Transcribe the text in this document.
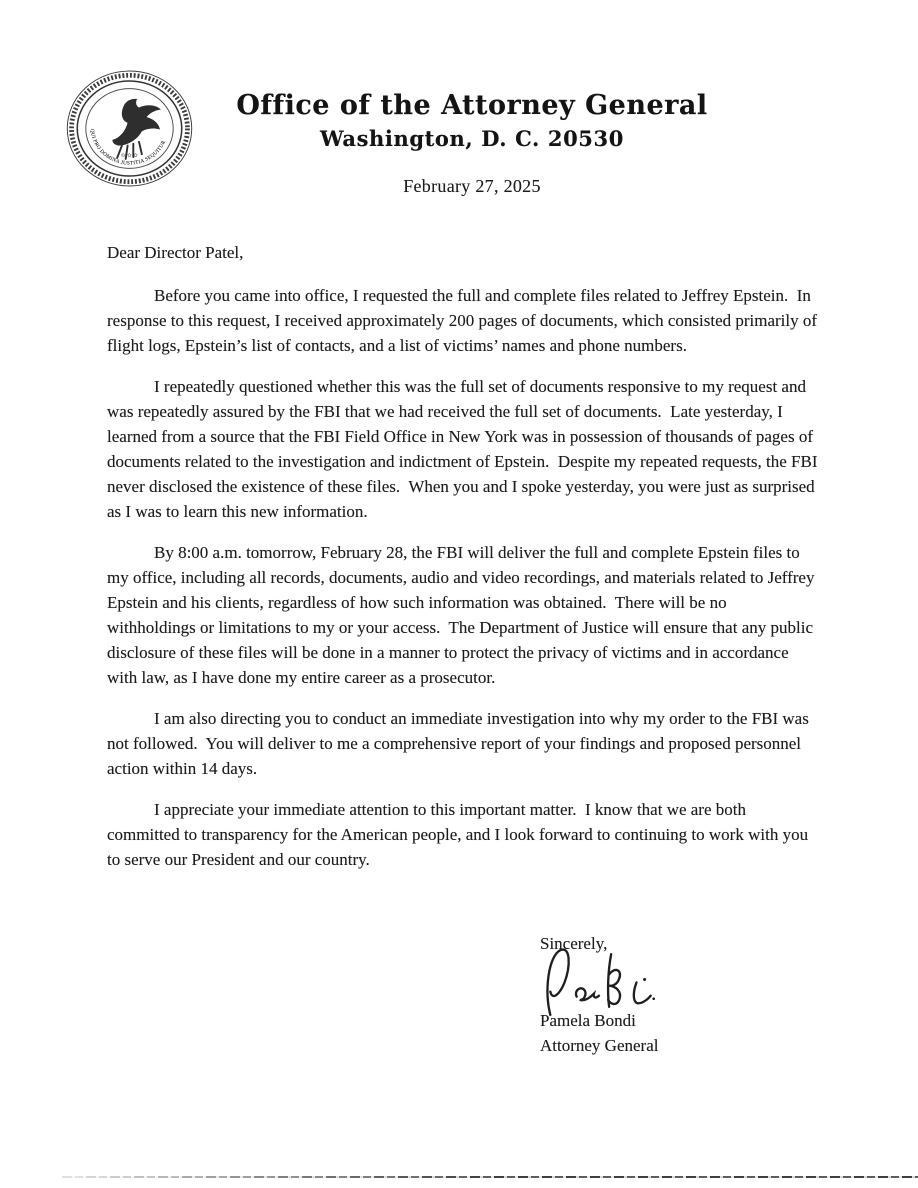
QUI PRO DOMINA JUSTITIA SEQUITUR
✩ ✩ ✩
Office of the Attorney General
Washington, D. C. 20530
February 27, 2025

Dear Director Patel,

Before you came into office, I requested the full and complete files related to Jeffrey Epstein.  In response to this request, I received approximately 200 pages of documents, which consisted primarily of flight logs, Epstein’s list of contacts, and a list of victims’ names and phone numbers.

I repeatedly questioned whether this was the full set of documents responsive to my request and was repeatedly assured by the FBI that we had received the full set of documents.  Late yesterday, I learned from a source that the FBI Field Office in New York was in possession of thousands of pages of documents related to the investigation and indictment of Epstein.  Despite my repeated requests, the FBI never disclosed the existence of these files.  When you and I spoke yesterday, you were just as surprised as I was to learn this new information.

By 8:00 a.m. tomorrow, February 28, the FBI will deliver the full and complete Epstein files to my office, including all records, documents, audio and video recordings, and materials related to Jeffrey Epstein and his clients, regardless of how such information was obtained.  There will be no withholdings or limitations to my or your access.  The Department of Justice will ensure that any public disclosure of these files will be done in a manner to protect the privacy of victims and in accordance with law, as I have done my entire career as a prosecutor.

I am also directing you to conduct an immediate investigation into why my order to the FBI was not followed.  You will deliver to me a comprehensive report of your findings and proposed personnel action within 14 days.

I appreciate your immediate attention to this important matter.  I know that we are both committed to transparency for the American people, and I look forward to continuing to work with you to serve our President and our country.

Sincerely,
Pamela Bondi
Attorney General
